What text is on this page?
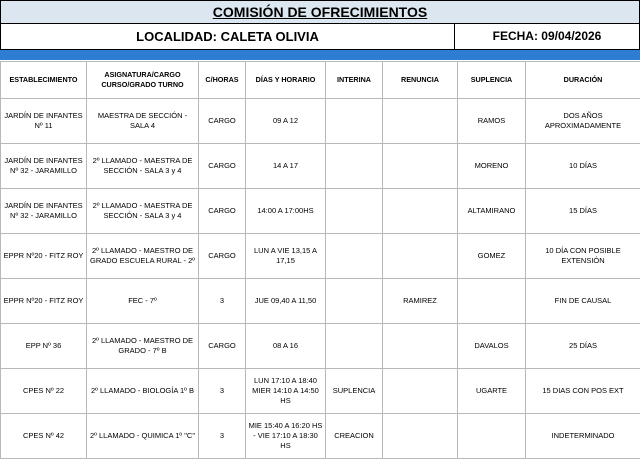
COMISIÓN DE OFRECIMIENTOS
LOCALIDAD: CALETA OLIVIA	FECHA: 09/04/2026
ESTABLECIMIENTO	ASIGNATURA/CARGO CURSO/GRADO TURNO	C/HORAS	DÍAS Y HORARIO	INTERINA	RENUNCIA	SUPLENCIA	DURACIÓN
JARDÍN DE INFANTES Nº 11	MAESTRA DE SECCIÓN - SALA 4	CARGO	09 A 12			RAMOS	DOS AÑOS APROXIMADAMENTE
JARDÍN DE INFANTES Nº 32 - JARAMILLO	2º LLAMADO - MAESTRA DE SECCIÓN - SALA 3 y 4	CARGO	14 A 17			MORENO	10 DÍAS
JARDÍN DE INFANTES Nº 32 - JARAMILLO	2º LLAMADO - MAESTRA DE SECCIÓN - SALA 3 y 4	CARGO	14:00 A 17:00HS			ALTAMIRANO	15 DÍAS
EPPR Nº20 - FITZ ROY	2º LLAMADO - MAESTRO DE GRADO ESCUELA RURAL - 2º	CARGO	LUN A VIE 13,15 A 17,15			GOMEZ	10 DÍA CON POSIBLE EXTENSIÓN
EPPR Nº20 - FITZ ROY	FEC - 7º	3	JUE 09,40 A 11,50		RAMIREZ		FIN DE CAUSAL
EPP Nº 36	2º LLAMADO - MAESTRO DE GRADO - 7º B	CARGO	08 A 16			DAVALOS	25 DÍAS
CPES Nº 22	2º LLAMADO - BIOLOGÍA 1º B	3	LUN 17:10 A 18:40 MIER 14:10 A 14:50 HS	SUPLENCIA		UGARTE	15 DIAS CON POS EXT
CPES Nº 42	2º LLAMADO - QUIMICA 1º "C"	3	MIE 15:40 A 16:20 HS - VIE 17:10 A 18:30 HS	CREACION			INDETERMINADO
